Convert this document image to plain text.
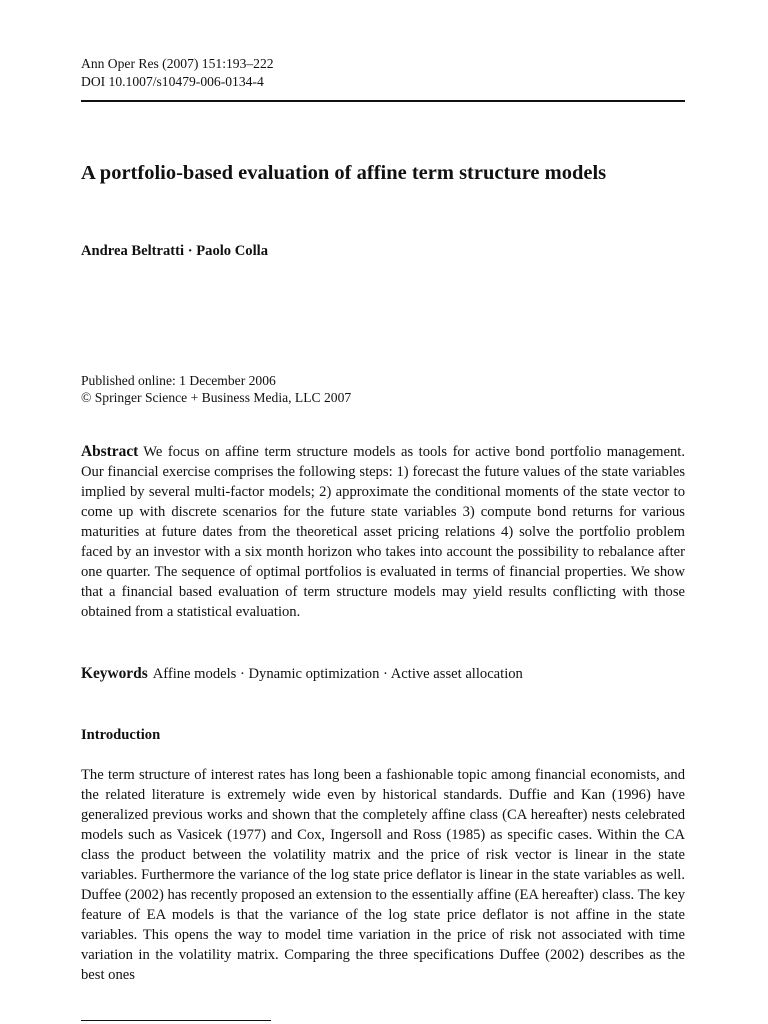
Ann Oper Res (2007) 151:193–222
DOI 10.1007/s10479-006-0134-4
A portfolio-based evaluation of affine term structure models
Andrea Beltratti · Paolo Colla
Published online: 1 December 2006
© Springer Science + Business Media, LLC 2007

Abstract We focus on affine term structure models as tools for active bond portfolio management. Our financial exercise comprises the following steps: 1) forecast the future values of the state variables implied by several multi-factor models; 2) approximate the conditional moments of the state vector to come up with discrete scenarios for the future state variables 3) compute bond returns for various maturities at future dates from the theoretical asset pricing relations 4) solve the portfolio problem faced by an investor with a six month horizon who takes into account the possibility to rebalance after one quarter. The sequence of optimal portfolios is evaluated in terms of financial properties. We show that a financial based evaluation of term structure models may yield results conflicting with those obtained from a statistical evaluation.

Keywords Affine models · Dynamic optimization · Active asset allocation
Introduction

The term structure of interest rates has long been a fashionable topic among financial economists, and the related literature is extremely wide even by historical standards. Duffie and Kan (1996) have generalized previous works and shown that the completely affine class (CA hereafter) nests celebrated models such as Vasicek (1977) and Cox, Ingersoll and Ross (1985) as specific cases. Within the CA class the product between the volatility matrix and the price of risk vector is linear in the state variables. Furthermore the variance of the log state price deflator is linear in the state variables as well. Duffee (2002) has recently proposed an extension to the essentially affine (EA hereafter) class. The key feature of EA models is that the variance of the log state price deflator is not affine in the state variables. This opens the way to model time variation in the price of risk not associated with time variation in the volatility matrix. Comparing the three specifications Duffee (2002) describes as the best ones
